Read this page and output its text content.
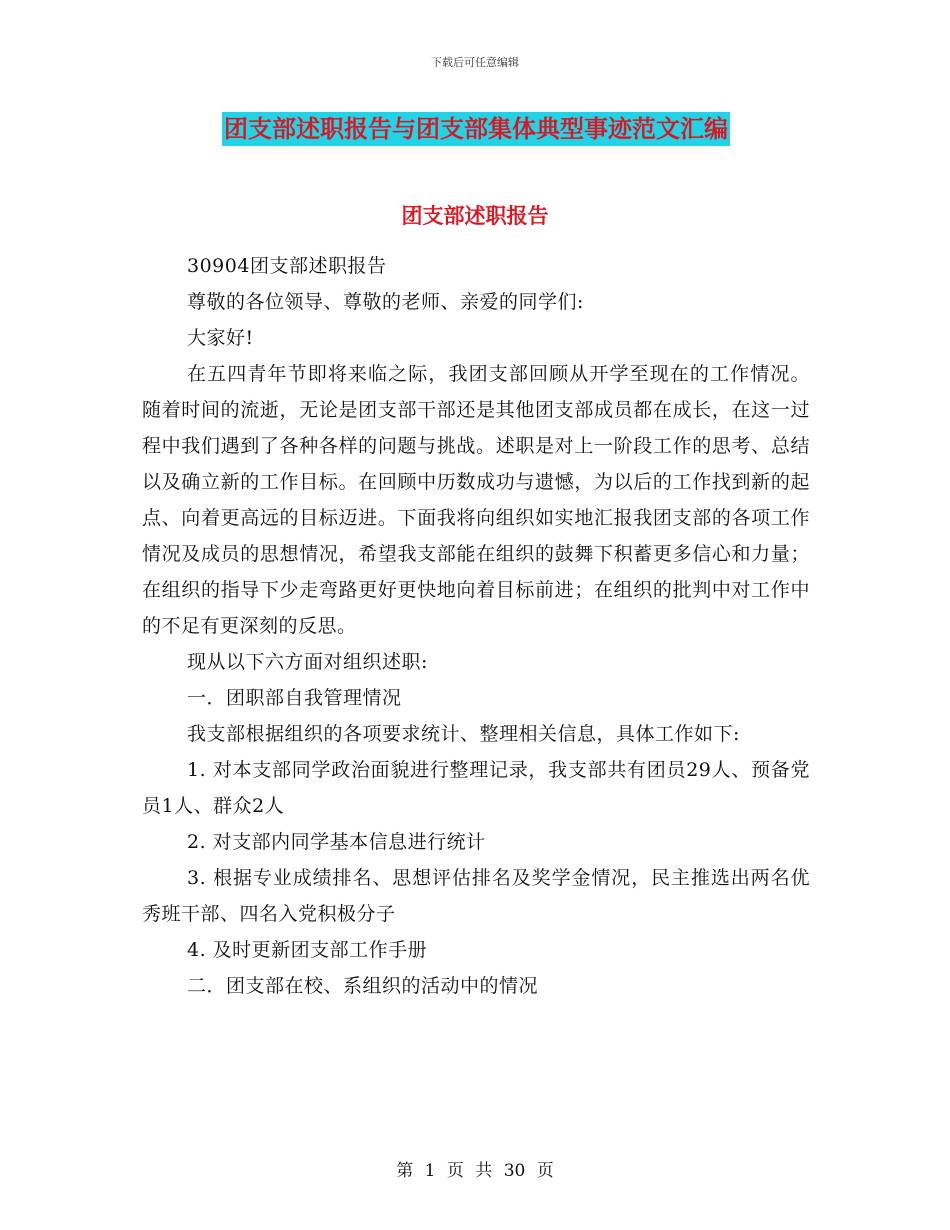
下载后可任意编辑
团支部述职报告与团支部集体典型事迹范文汇编
团支部述职报告

30904团支部述职报告

尊敬的各位领导、尊敬的老师、亲爱的同学们:

大家好!

在五四青年节即将来临之际，我团支部回顾从开学至现在的工作情况。随着时间的流逝，无论是团支部干部还是其他团支部成员都在成长，在这一过程中我们遇到了各种各样的问题与挑战。述职是对上一阶段工作的思考、总结以及确立新的工作目标。在回顾中历数成功与遗憾，为以后的工作找到新的起点、向着更高远的目标迈进。下面我将向组织如实地汇报我团支部的各项工作情况及成员的思想情况，希望我支部能在组织的鼓舞下积蓄更多信心和力量；在组织的指导下少走弯路更好更快地向着目标前进；在组织的批判中对工作中的不足有更深刻的反思。

现从以下六方面对组织述职:

一．团职部自我管理情况

我支部根据组织的各项要求统计、整理相关信息，具体工作如下:

1. 对本支部同学政治面貌进行整理记录，我支部共有团员29人、预备党员1人、群众2人

2. 对支部内同学基本信息进行统计

3. 根据专业成绩排名、思想评估排名及奖学金情况，民主推选出两名优秀班干部、四名入党积极分子

4. 及时更新团支部工作手册

二．团支部在校、系组织的活动中的情况

第 1 页 共 30 页
